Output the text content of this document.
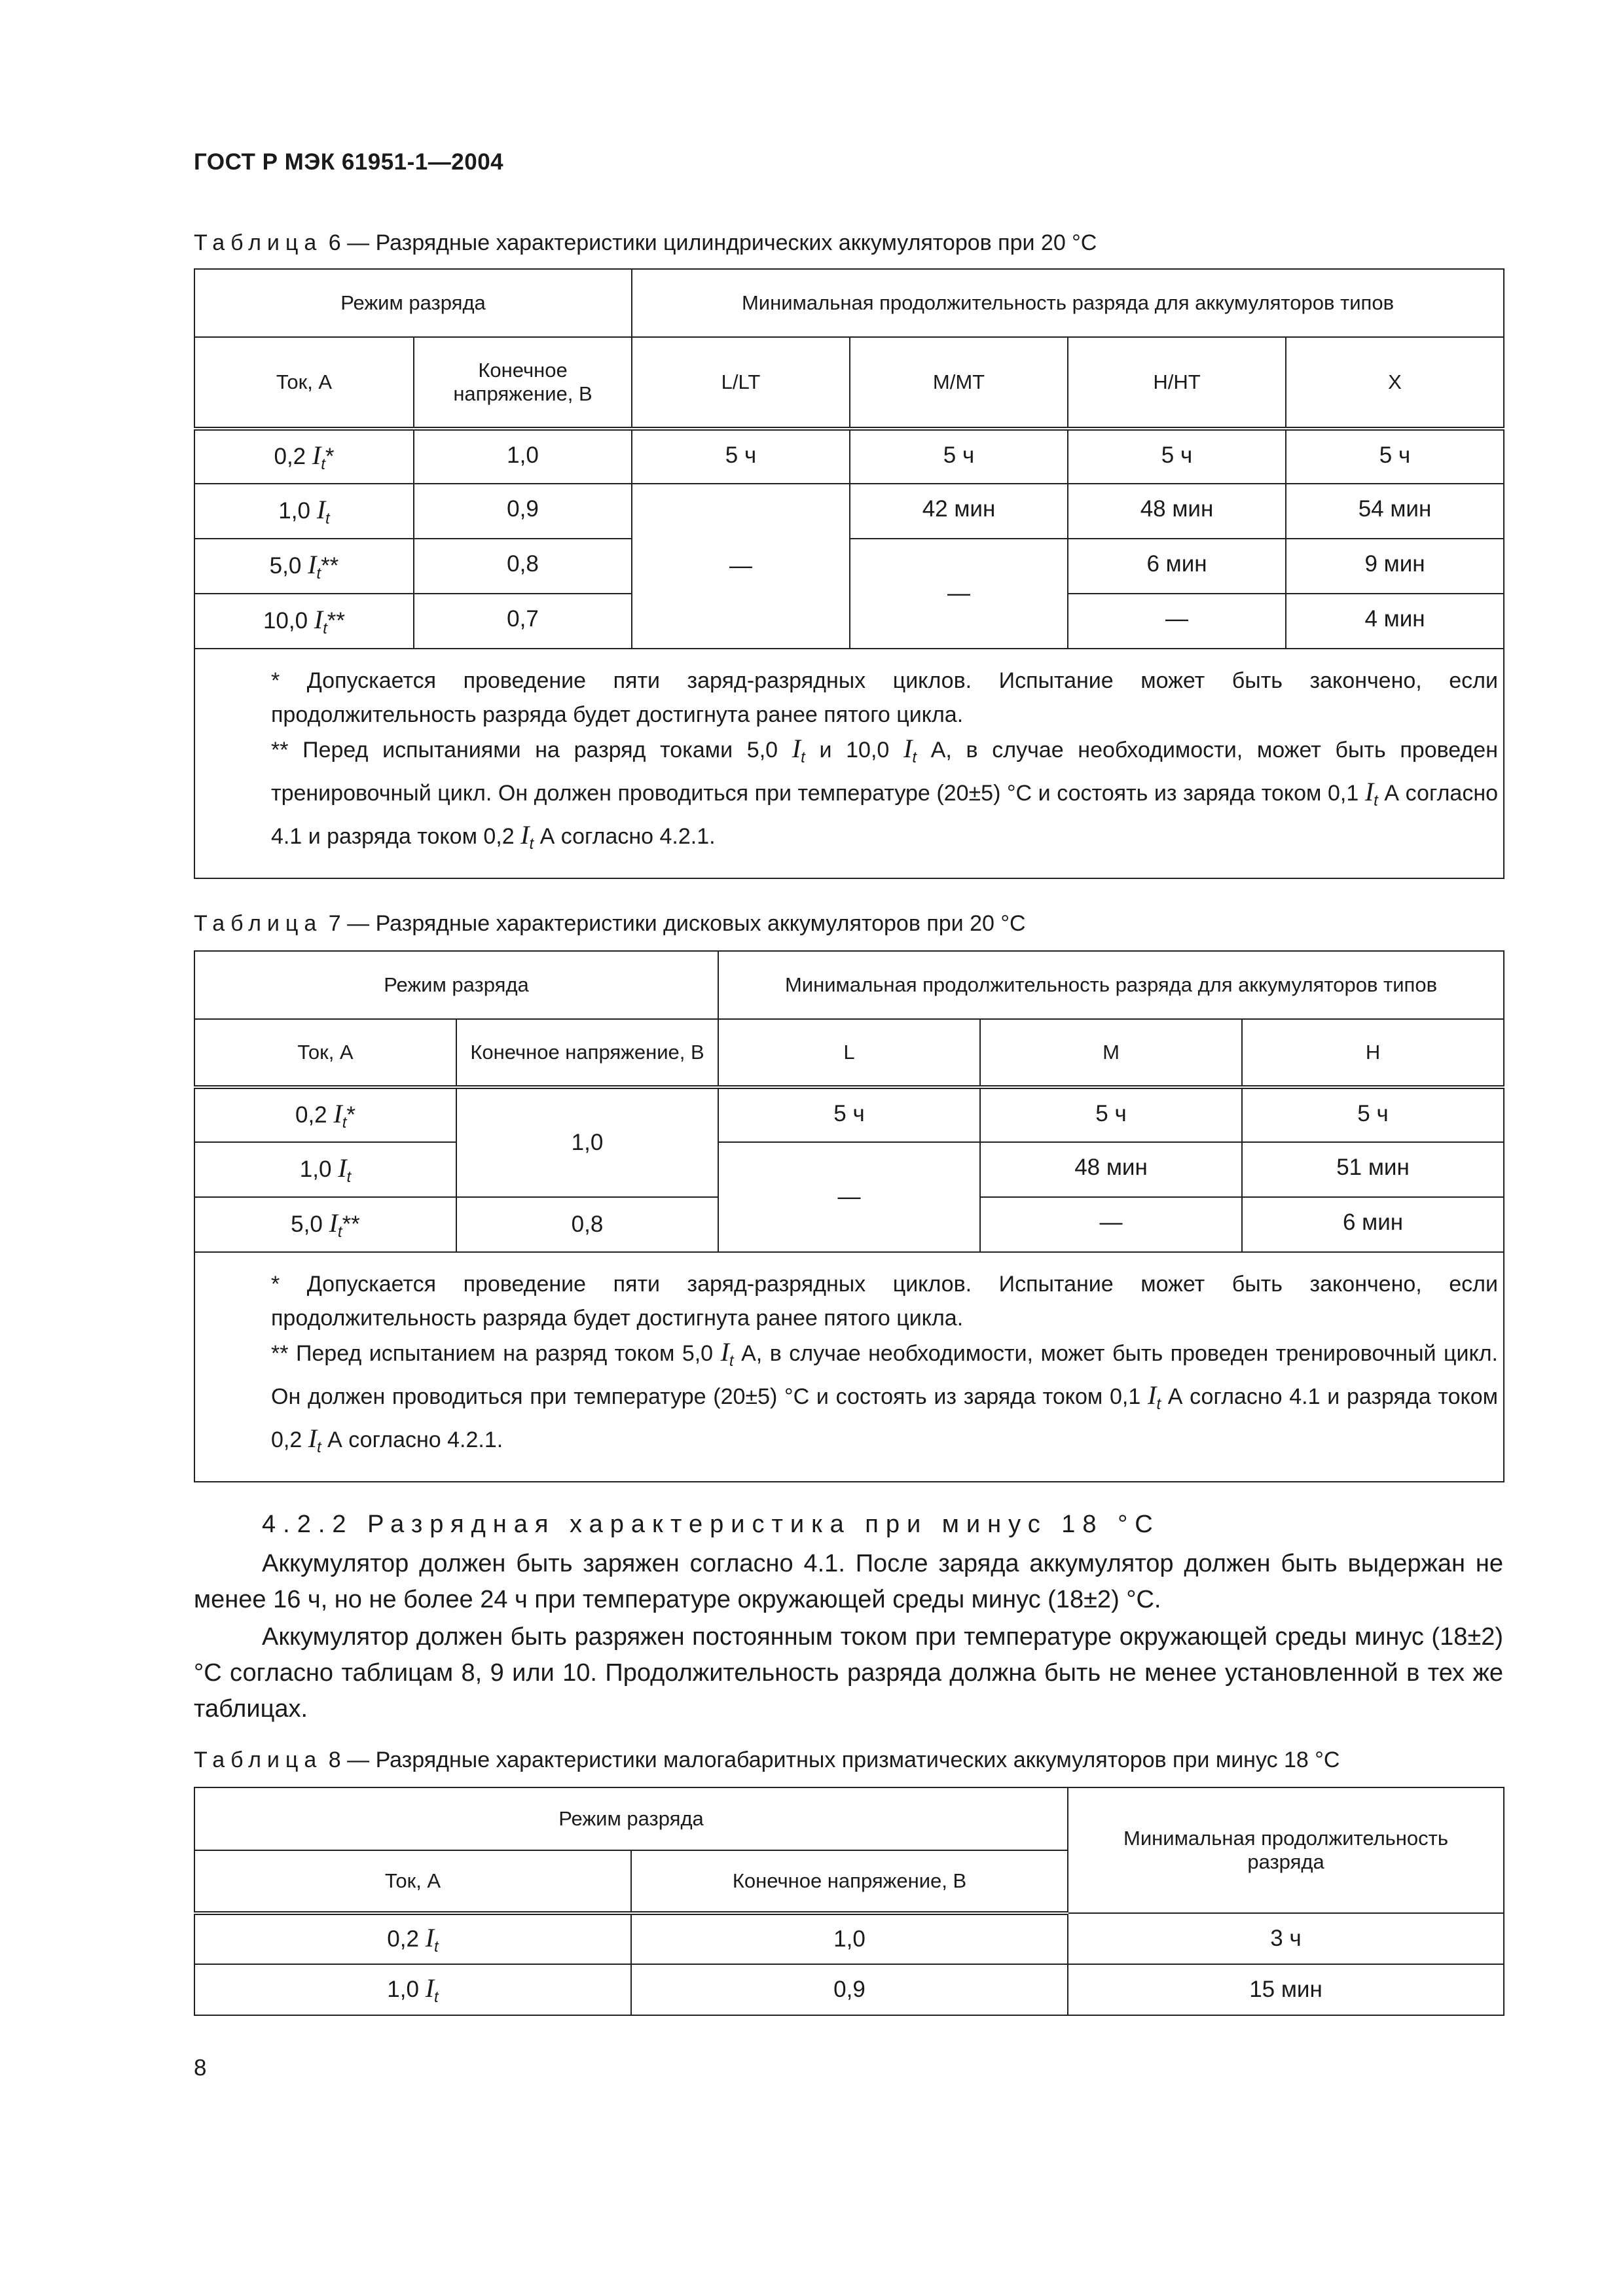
ГОСТ Р МЭК 61951-1—2004
Таблица 6 — Разрядные характеристики цилиндрических аккумуляторов при 20 °С
Режим разряда		Минимальная продолжительность разряда для аккумуляторов типов			
Ток, А	Конечное напряжение, В	L/LT	M/MT	H/HT	X
0,2 $I_t*$	1,0	5 ч	5 ч	5 ч	5 ч
1,0 $I_t$	0,9	—	42 мин	48 мин	54 мин
5,0 $I_t**$	0,8		—	6 мин	9 мин
10,0 $I_t**$	0,7			—	4 мин

* Допускается проведение пяти заряд-разрядных циклов. Испытание может быть закончено, если продолжительность разряда будет достигнута ранее пятого цикла.
** Перед испытаниями на разряд токами 5,0 $I_t$ и 10,0 $I_t$ А, в случае необходимости, может быть проведен тренировочный цикл. Он должен проводиться при температуре (20±5) °С и состоять из заряда током 0,1 $I_t$ А согласно 4.1 и разряда током 0,2 $I_t$ А согласно 4.2.1.					
Таблица 7 — Разрядные характеристики дисковых аккумуляторов при 20 °С
Режим разряда		Минимальная продолжительность разряда для аккумуляторов типов		
Ток, А	Конечное напряжение, В	L	M	H
0,2 $I_t*$	1,0	5 ч	5 ч	5 ч
1,0 $I_t$		—	48 мин	51 мин
5,0 $I_t**$	0,8		—	6 мин

* Допускается проведение пяти заряд-разрядных циклов. Испытание может быть закончено, если продолжительность разряда будет достигнута ранее пятого цикла.
** Перед испытанием на разряд током 5,0 $I_t$ А, в случае необходимости, может быть проведен тренировочный цикл. Он должен проводиться при температуре (20±5) °С и состоять из заряда током 0,1 $I_t$ А согласно 4.1 и разряда током 0,2 $I_t$ А согласно 4.2.1.				
4.2.2 Разрядная характеристика при минус 18 °С
Аккумулятор должен быть заряжен согласно 4.1. После заряда аккумулятор должен быть выдержан не менее 16 ч, но не более 24 ч при температуре окружающей среды минус (18±2) °С.
Аккумулятор должен быть разряжен постоянным током при температуре окружающей среды минус (18±2) °С согласно таблицам 8, 9 или 10. Продолжительность разряда должна быть не менее установленной в тех же таблицах.
Таблица 8 — Разрядные характеристики малогабаритных призматических аккумуляторов при минус 18 °С
Режим разряда		Минимальная продолжительность разряда
Ток, А	Конечное напряжение, В	
0,2 $I_t$	1,0	3 ч
1,0 $I_t$	0,9	15 мин
8
